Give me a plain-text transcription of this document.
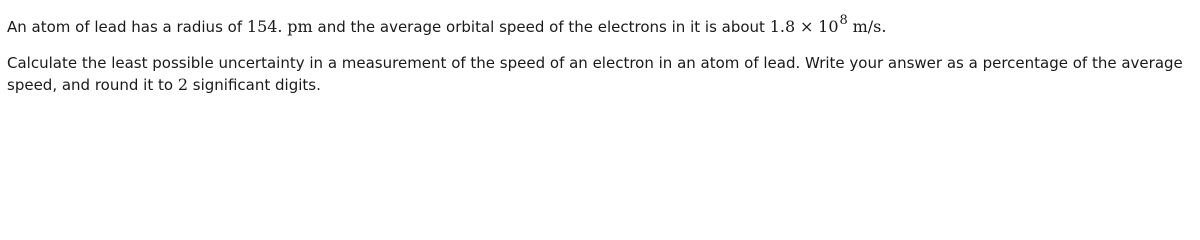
An atom of lead has a radius of 154. pm and the average orbital speed of the electrons in it is about 1.8 × 108 m/s.
Calculate the least possible uncertainty in a measurement of the speed of an electron in an atom of lead. Write your answer as a percentage of the average
speed, and round it to 2 significant digits.
